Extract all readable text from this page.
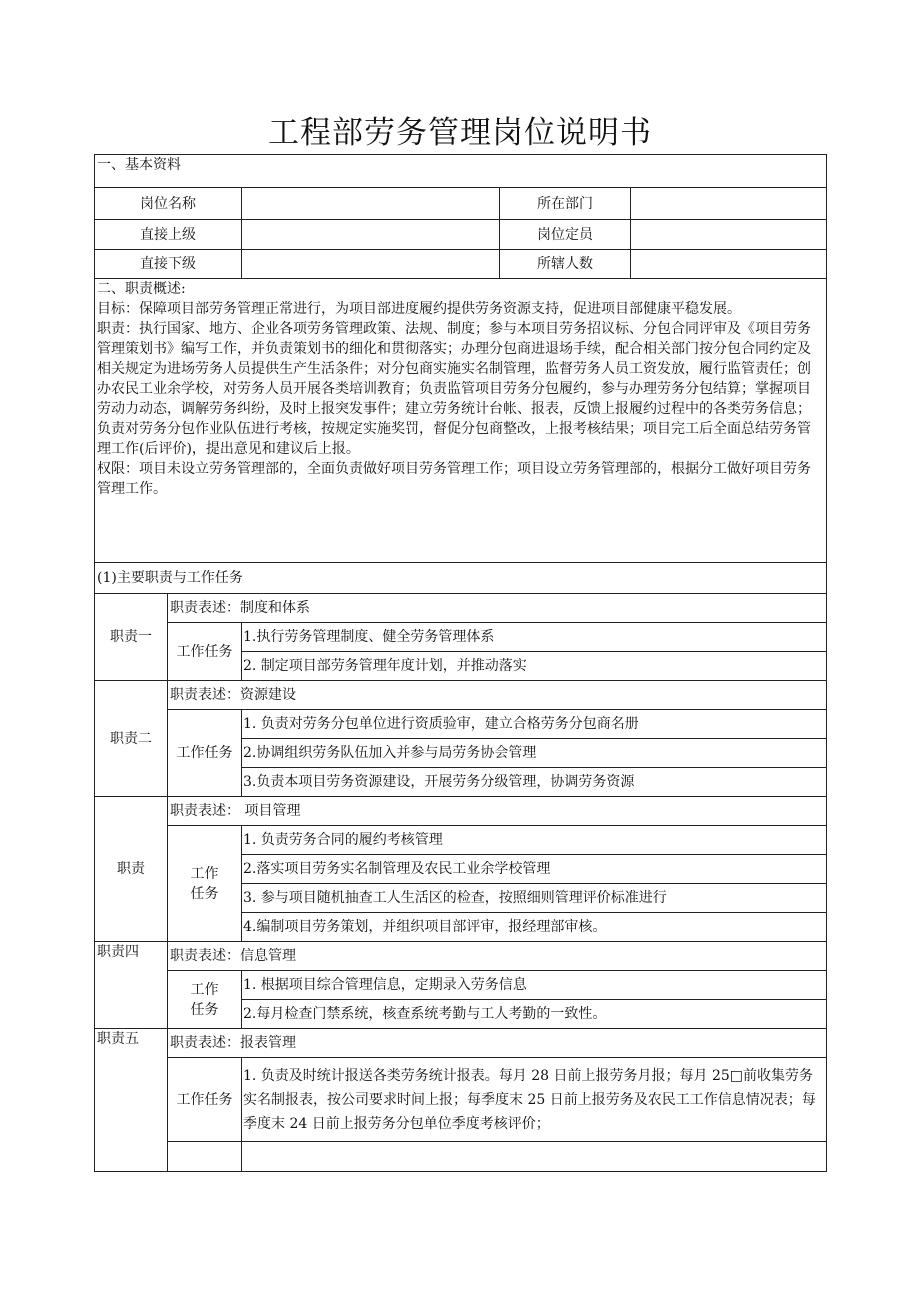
工程部劳务管理岗位说明书
一、基本资料			
岗位名称		所在部门	
直接上级		岗位定员	
直接下级		所辖人数	

二、职责概述:
目标：保障项目部劳务管理正常进行，为项目部进度履约提供劳务资源支持，促进项目部健康平稳发展。
职责：执行国家、地方、企业各项劳务管理政策、法规、制度；参与本项目劳务招议标、分包合同评审及《项目劳务管理策划书》编写工作，并负责策划书的细化和贯彻落实；办理分包商进退场手续，配合相关部门按分包合同约定及相关规定为进场劳务人员提供生产生活条件；对分包商实施实名制管理，监督劳务人员工资发放，履行监管责任；创办农民工业余学校，对劳务人员开展各类培训教育；负责监管项目劳务分包履约，参与办理劳务分包结算；掌握项目劳动力动态，调解劳务纠纷，及时上报突发事件；建立劳务统计台帐、报表，反馈上报履约过程中的各类劳务信息；负责对劳务分包作业队伍进行考核，按规定实施奖罚，督促分包商整改，上报考核结果；项目完工后全面总结劳务管理工作(后评价)，提出意见和建议后上报。
权限：项目未设立劳务管理部的，全面负责做好项目劳务管理工作；项目设立劳务管理部的，根据分工做好项目劳务管理工作。			
(1)主要职责与工作任务		
职责一	职责表述：制度和体系	
	工作任务	1.执行劳务管理制度、健全劳务管理体系
		2. 制定项目部劳务管理年度计划，并推动落实
职责二	职责表述：资源建设	
	工作任务	1. 负责对劳务分包单位进行资质验审，建立合格劳务分包商名册
		2.协调组织劳务队伍加入并参与局劳务协会管理
		3.负责本项目劳务资源建设，开展劳务分级管理，协调劳务资源
职责	职责表述： 项目管理	
	工作
任务	1. 负责劳务合同的履约考核管理
		2.落实项目劳务实名制管理及农民工业余学校管理
		3. 参与项目随机抽查工人生活区的检查，按照细则管理评价标准进行
		4.编制项目劳务策划，并组织项目部评审，报经理部审核。
职责四	职责表述：信息管理	
	工作
任务	1. 根据项目综合管理信息，定期录入劳务信息
		2.每月检查门禁系统，核查系统考勤与工人考勤的一致性。
职责五	职责表述：报表管理	
	工作任务	1. 负责及时统计报送各类劳务统计报表。每月 28 日前上报劳务月报；每月 25□前收集劳务实名制报表，按公司要求时间上报；每季度末 25 日前上报劳务及农民工工作信息情况表；每季度末 24 日前上报劳务分包单位季度考核评价；
